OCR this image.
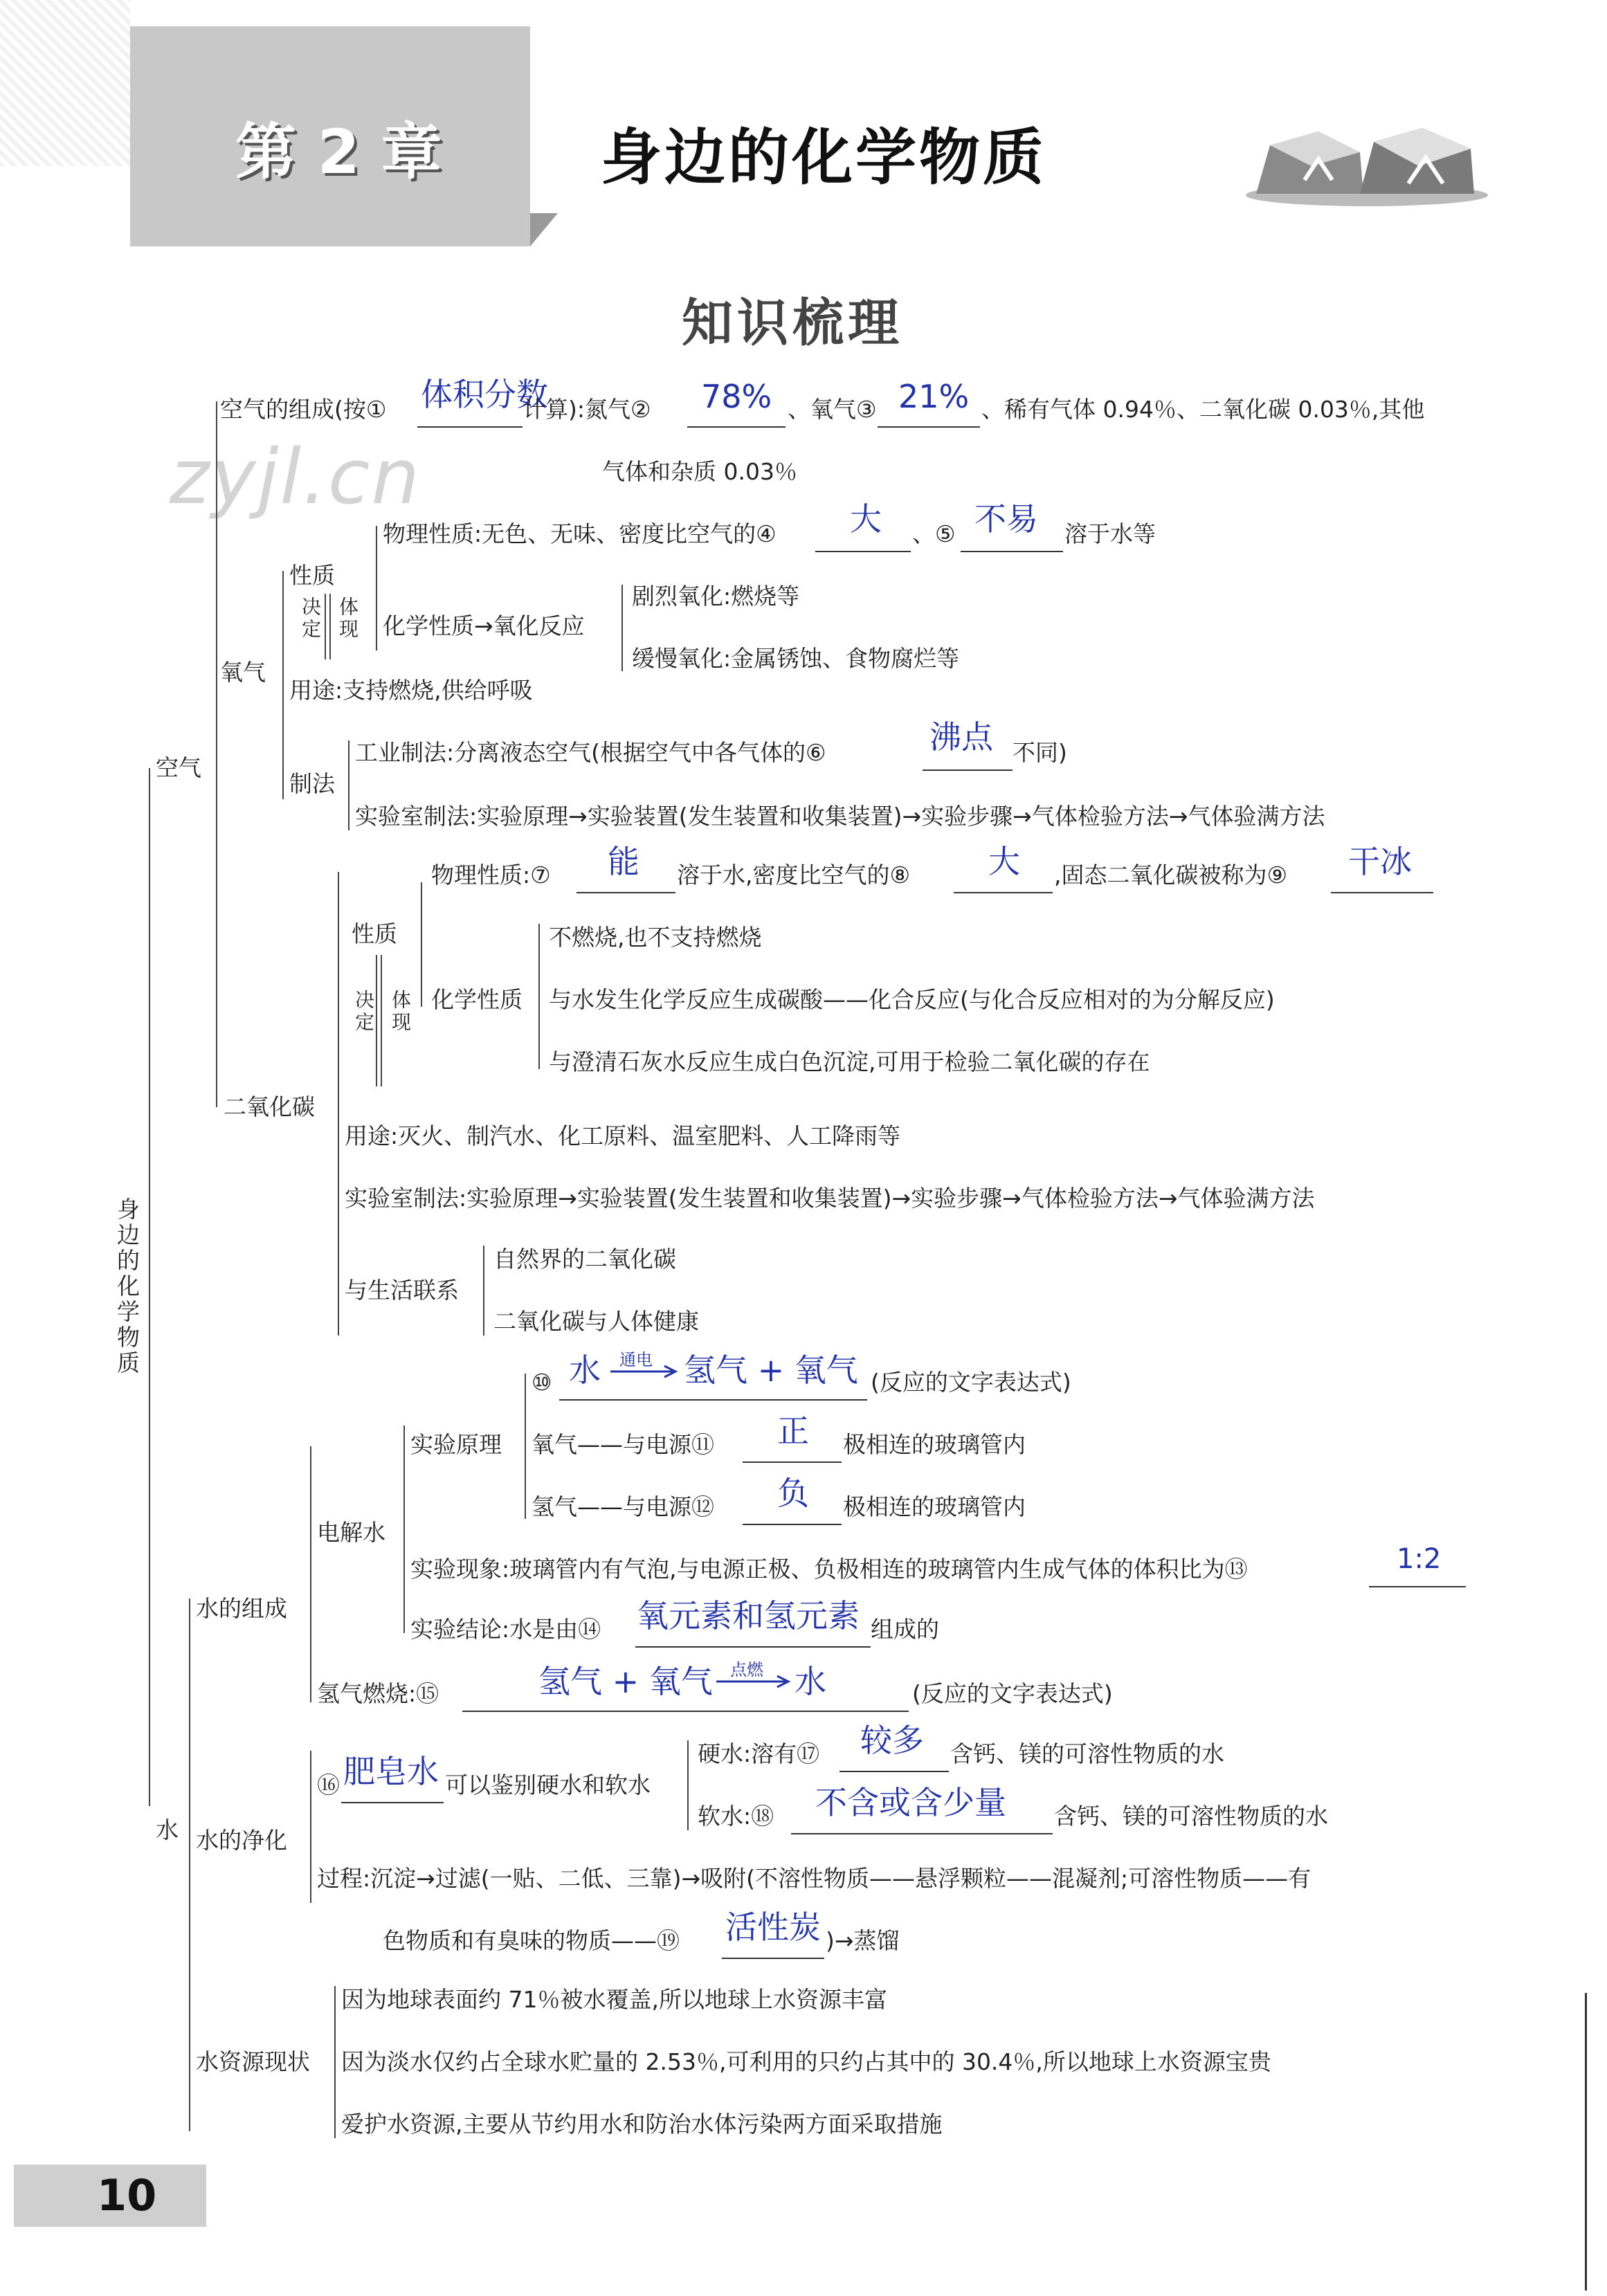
第 2 章	身边的化学物质
知识梳理
zyjl.cn
身边的化学物质
空气
空气的组成(按① 体积分数
计算):氮气② 78% 、氧气③ 21% 、稀有气体 0.94％、二氧化碳 0.03％,其他
气体和杂质 0.03％
氧气
性质
决定 体现
物理性质:无色、无味、密度比空气的④ 大 、⑤ 不易 溶于水等
化学性质→氧化反应
剧烈氧化:燃烧等
缓慢氧化:金属锈蚀、食物腐烂等
用途:支持燃烧,供给呼吸
制法
工业制法:分离液态空气(根据空气中各气体的⑥	沸点 不同)
实验室制法:实验原理→实验装置(发生装置和收集装置)→实验步骤→气体检验方法→气体验满方法
二氧化碳
性质
决定 体现
物理性质:⑦ 能 溶于水,密度比空气的⑧ 大 ,固态二氧化碳被称为⑨ 干冰
化学性质
不燃烧,也不支持燃烧
与水发生化学反应生成碳酸——化合反应(与化合反应相对的为分解反应)
与澄清石灰水反应生成白色沉淀,可用于检验二氧化碳的存在
用途:灭火、制汽水、化工原料、温室肥料、人工降雨等
实验室制法:实验原理→实验装置(发生装置和收集装置)→实验步骤→气体检验方法→气体验满方法
与生活联系
自然界的二氧化碳
二氧化碳与人体健康
水
水的组成
电解水
实验原理
⑩ 水 通电 氢气 + 氧气 (反应的文字表达式)
氧气——与电源⑪ 正 极相连的玻璃管内
氢气——与电源⑫ 负 极相连的玻璃管内
实验现象:玻璃管内有气泡,与电源正极、负极相连的玻璃管内生成气体的体积比为⑬	1:2
实验结论:水是由⑭ 氧元素和氢元素 组成的
氢气燃烧:⑮	氢气 + 氧气 点燃 水	(反应的文字表达式)
水的净化
⑯ 肥皂水 可以鉴别硬水和软水
硬水:溶有⑰ 较多 含钙、镁的可溶性物质的水
软水:⑱ 不含或含少量 含钙、镁的可溶性物质的水
过程:沉淀→过滤(一贴、二低、三靠)→吸附(不溶性物质——悬浮颗粒——混凝剂;可溶性物质——有
色物质和有臭味的物质——⑲ 活性炭 )→蒸馏
水资源现状
因为地球表面约 71％被水覆盖,所以地球上水资源丰富
因为淡水仅约占全球水贮量的 2.53％,可利用的只约占其中的 30.4％,所以地球上水资源宝贵
爱护水资源,主要从节约用水和防治水体污染两方面采取措施
10
